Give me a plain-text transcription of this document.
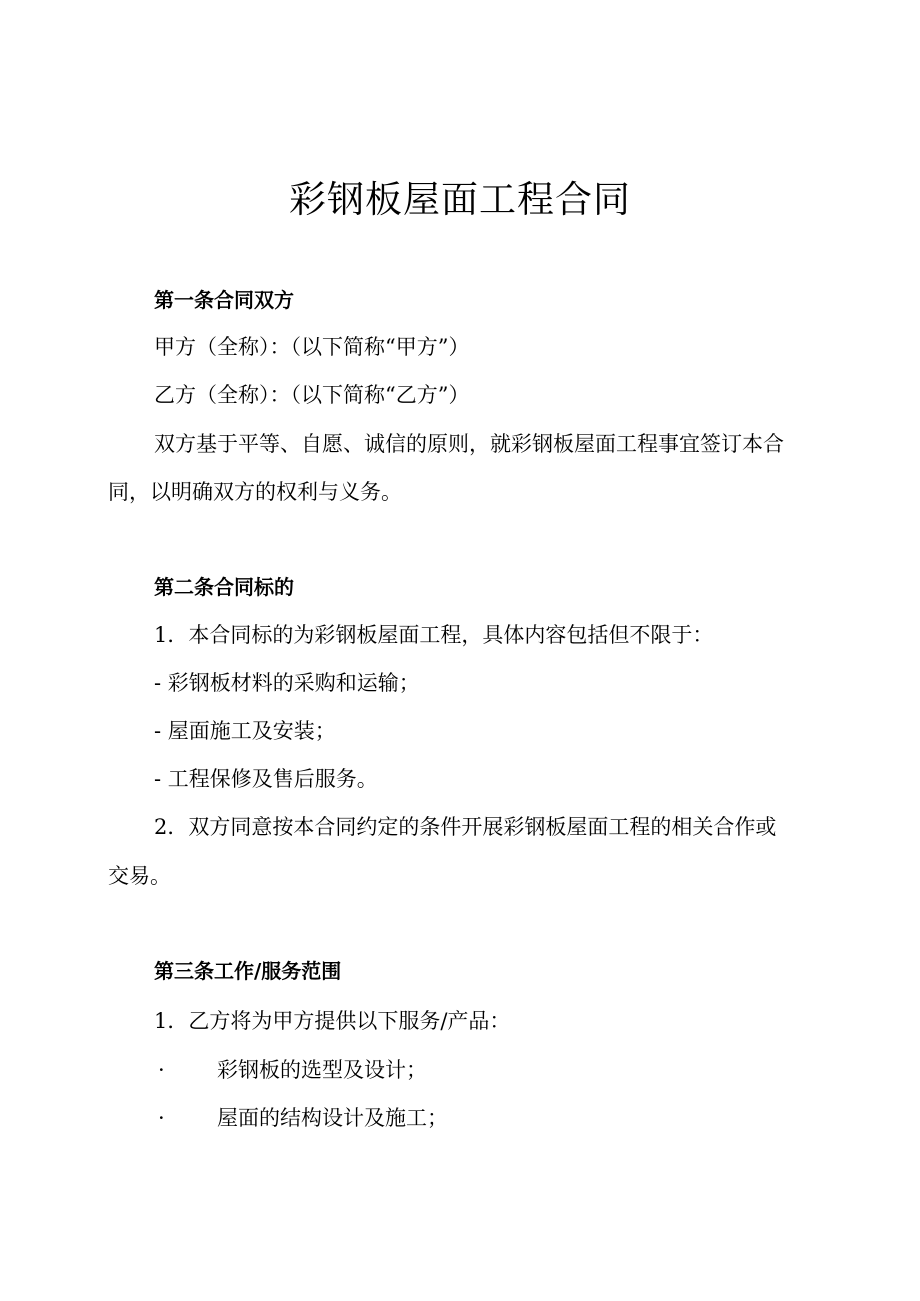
彩钢板屋面工程合同

第一条合同双方

甲方（全称）：（以下简称“甲方”）

乙方（全称）：（以下简称“乙方”）

双方基于平等、自愿、诚信的原则，就彩钢板屋面工程事宜签订本合

同，以明确双方的权利与义务。

第二条合同标的

1．本合同标的为彩钢板屋面工程，具体内容包括但不限于：

- 彩钢板材料的采购和运输；

- 屋面施工及安装；

- 工程保修及售后服务。

2．双方同意按本合同约定的条件开展彩钢板屋面工程的相关合作或

交易。

第三条工作/服务范围

1．乙方将为甲方提供以下服务/产品：

· 彩钢板的选型及设计；

· 屋面的结构设计及施工；
